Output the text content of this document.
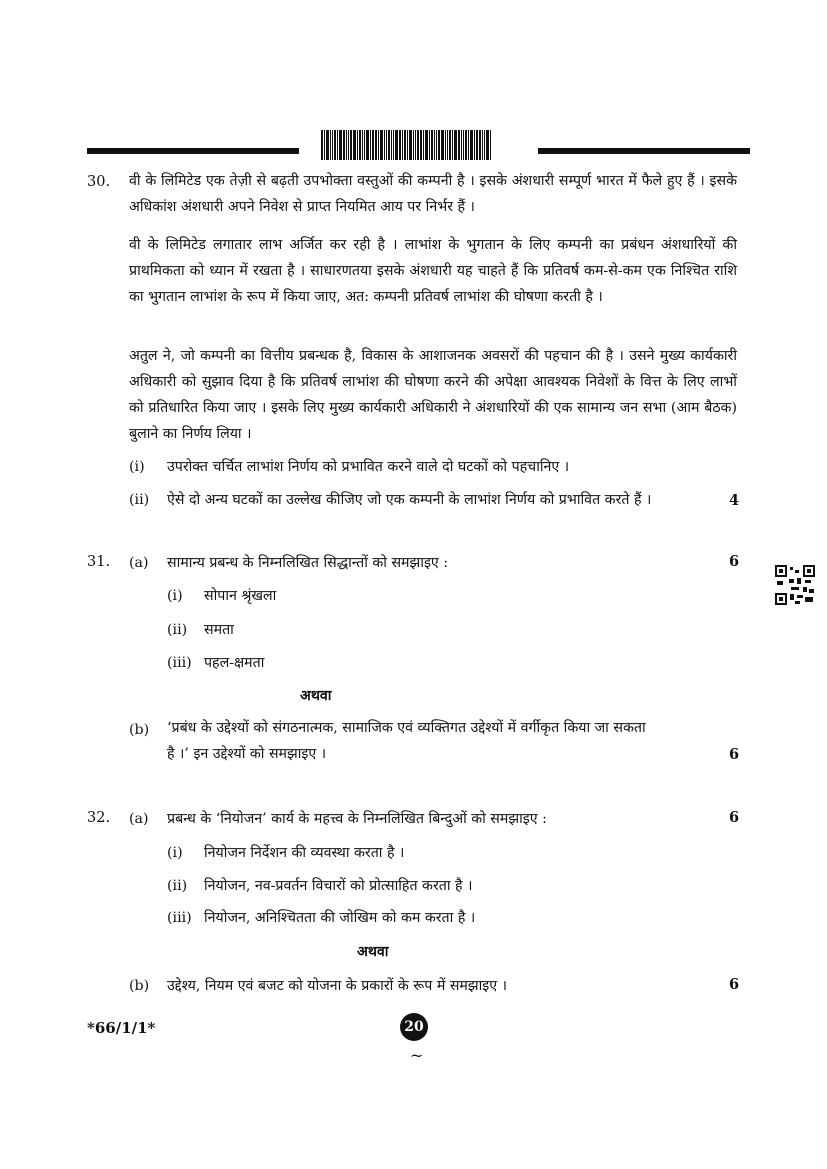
30. वी के लिमिटेड एक तेज़ी से बढ़ती उपभोक्ता वस्तुओं की कम्पनी है । इसके अंशधारी सम्पूर्ण भारत में फैले हुए हैं । इसके अधिकांश अंशधारी अपने निवेश से प्राप्त नियमित आय पर निर्भर हैं ।
वी के लिमिटेड लगातार लाभ अर्जित कर रही है । लाभांश के भुगतान के लिए कम्पनी का प्रबंधन अंशधारियों की प्राथमिकता को ध्यान में रखता है । साधारणतया इसके अंशधारी यह चाहते हैं कि प्रतिवर्ष कम-से-कम एक निश्चित राशि का भुगतान लाभांश के रूप में किया जाए, अत: कम्पनी प्रतिवर्ष लाभांश की घोषणा करती है ।
अतुल ने, जो कम्पनी का वित्तीय प्रबन्धक है, विकास के आशाजनक अवसरों की पहचान की है । उसने मुख्य कार्यकारी अधिकारी को सुझाव दिया है कि प्रतिवर्ष लाभांश की घोषणा करने की अपेक्षा आवश्यक निवेशों के वित्त के लिए लाभों को प्रतिधारित किया जाए । इसके लिए मुख्य कार्यकारी अधिकारी ने अंशधारियों की एक सामान्य जन सभा (आम बैठक) बुलाने का निर्णय लिया ।
(i) उपरोक्त चर्चित लाभांश निर्णय को प्रभावित करने वाले दो घटकों को पहचानिए ।
(ii) ऐसे दो अन्य घटकों का उल्लेख कीजिए जो एक कम्पनी के लाभांश निर्णय को प्रभावित करते हैं ।	4
31. (a) सामान्य प्रबन्ध के निम्नलिखित सिद्धान्तों को समझाइए :	6
(i) सोपान श्रृंखला
(ii) समता
(iii) पहल-क्षमता
अथवा
(b) ‘प्रबंध के उद्देश्यों को संगठनात्मक, सामाजिक एवं व्यक्तिगत उद्देश्यों में वर्गीकृत किया जा सकता
है ।’ इन उद्देश्यों को समझाइए ।	6
32. (a) प्रबन्ध के ‘नियोजन’ कार्य के महत्त्व के निम्नलिखित बिन्दुओं को समझाइए :	6
(i) नियोजन निर्देशन की व्यवस्था करता है ।
(ii) नियोजन, नव-प्रवर्तन विचारों को प्रोत्साहित करता है ।
(iii) नियोजन, अनिश्चितता की जोखिम को कम करता है ।
अथवा
(b) उद्देश्य, नियम एवं बजट को योजना के प्रकारों के रूप में समझाइए ।	6
*66/1/1*	20
~
